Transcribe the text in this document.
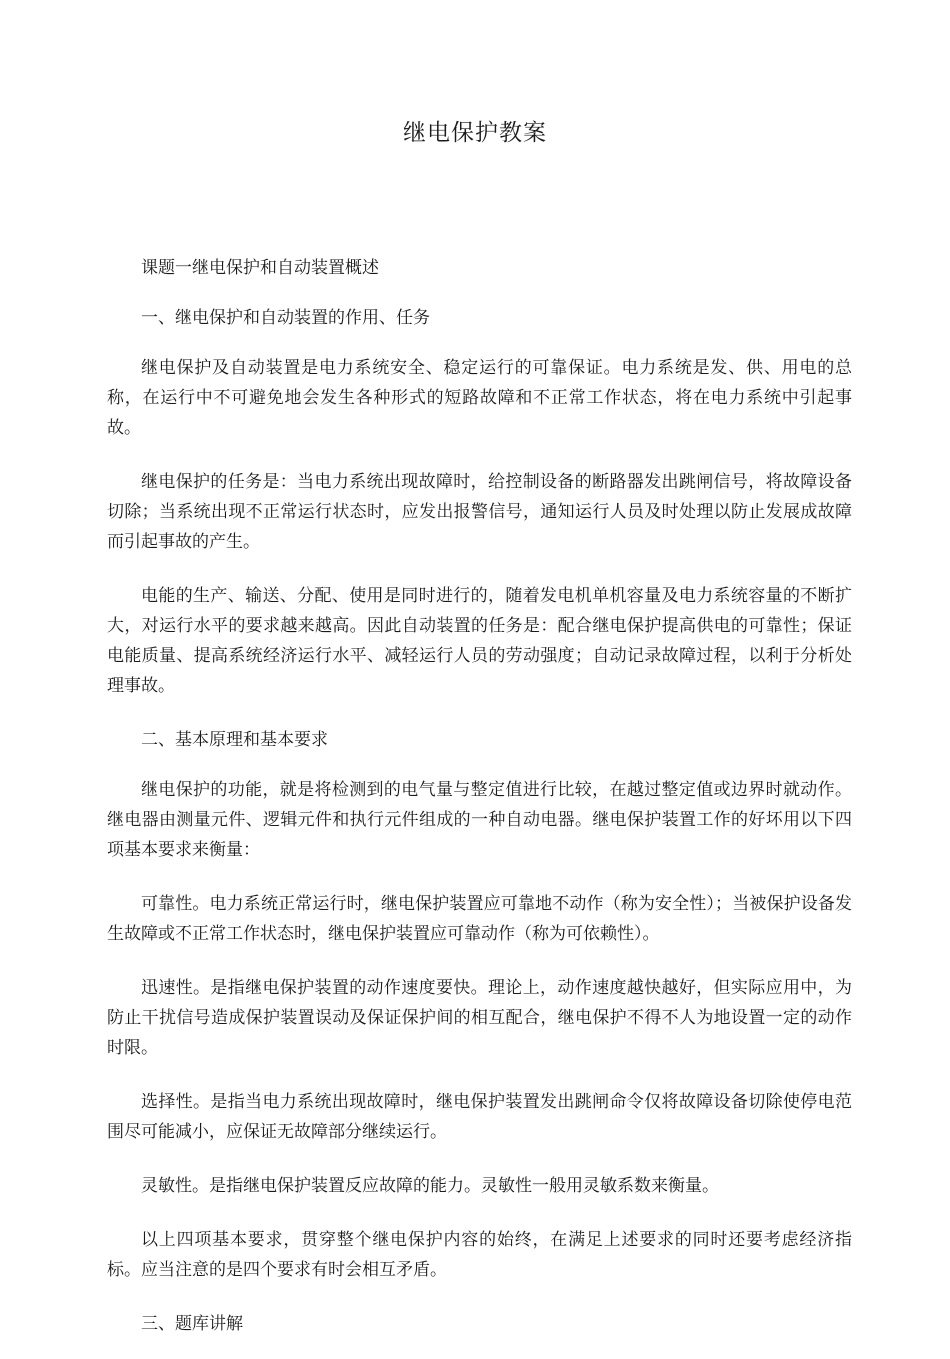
继电保护教案

课题一继电保护和自动装置概述

一、继电保护和自动装置的作用、任务

继电保护及自动装置是电力系统安全、稳定运行的可靠保证。电力系统是发、供、用电的总称，在运行中不可避免地会发生各种形式的短路故障和不正常工作状态，将在电力系统中引起事故。

继电保护的任务是：当电力系统出现故障时，给控制设备的断路器发出跳闸信号，将故障设备切除；当系统出现不正常运行状态时，应发出报警信号，通知运行人员及时处理以防止发展成故障而引起事故的产生。

电能的生产、输送、分配、使用是同时进行的，随着发电机单机容量及电力系统容量的不断扩大，对运行水平的要求越来越高。因此自动装置的任务是：配合继电保护提高供电的可靠性；保证电能质量、提高系统经济运行水平、减轻运行人员的劳动强度；自动记录故障过程，以利于分析处理事故。

二、基本原理和基本要求

继电保护的功能，就是将检测到的电气量与整定值进行比较，在越过整定值或边界时就动作。继电器由测量元件、逻辑元件和执行元件组成的一种自动电器。继电保护装置工作的好坏用以下四项基本要求来衡量：

可靠性。电力系统正常运行时，继电保护装置应可靠地不动作（称为安全性）；当被保护设备发生故障或不正常工作状态时，继电保护装置应可靠动作（称为可依赖性）。

迅速性。是指继电保护装置的动作速度要快。理论上，动作速度越快越好，但实际应用中，为防止干扰信号造成保护装置误动及保证保护间的相互配合，继电保护不得不人为地设置一定的动作时限。

选择性。是指当电力系统出现故障时，继电保护装置发出跳闸命令仅将故障设备切除使停电范围尽可能减小，应保证无故障部分继续运行。

灵敏性。是指继电保护装置反应故障的能力。灵敏性一般用灵敏系数来衡量。

以上四项基本要求，贯穿整个继电保护内容的始终，在满足上述要求的同时还要考虑经济指标。应当注意的是四个要求有时会相互矛盾。

三、题库讲解
